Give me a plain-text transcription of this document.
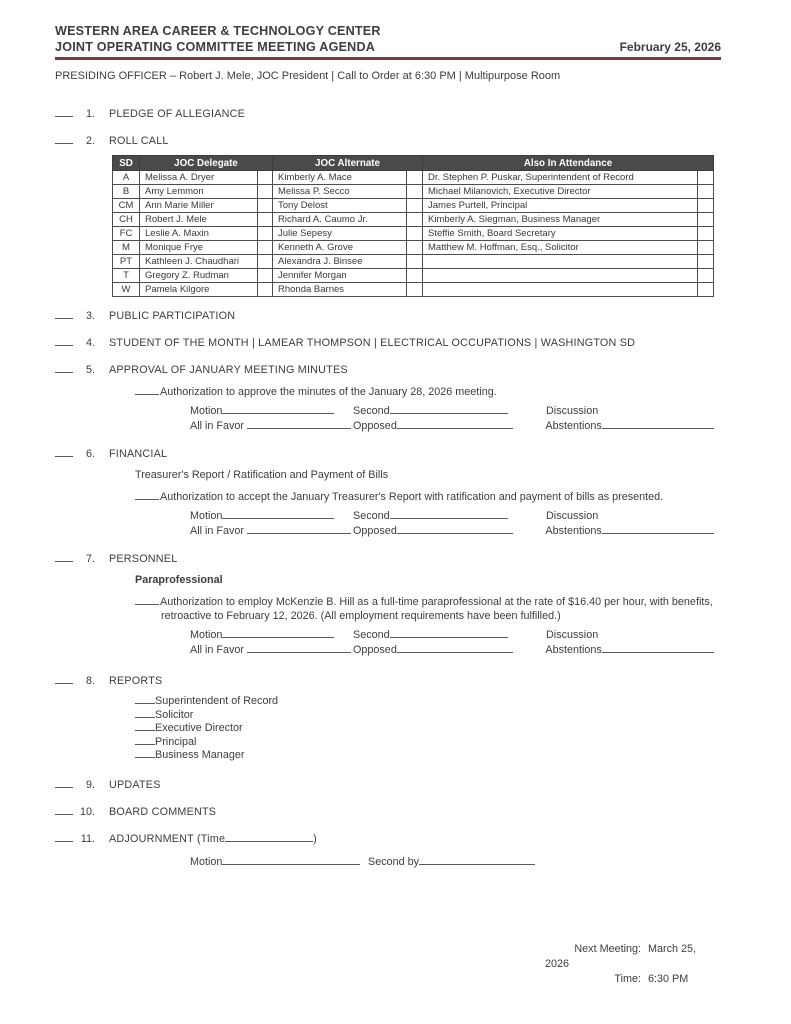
WESTERN AREA CAREER & TECHNOLOGY CENTER
JOINT OPERATING COMMITTEE MEETING AGENDA	February 25, 2026
PRESIDING OFFICER – Robert J. Mele, JOC President | Call to Order at 6:30 PM | Multipurpose Room
1. PLEDGE OF ALLEGIANCE
2. ROLL CALL
SD	JOC Delegate		JOC Alternate		Also In Attendance	
A	Melissa A. Dryer		Kimberly A. Mace		Dr. Stephen P. Puskar, Superintendent of Record	
B	Amy Lemmon		Melissa P. Secco		Michael Milanovich, Executive Director	
CM	Ann Marie Miller		Tony Delost		James Purtell, Principal	
CH	Robert J. Mele		Richard A. Caumo Jr.		Kimberly A. Siegman, Business Manager	
FC	Leslie A. Maxin		Julie Sepesy		Steffie Smith, Board Secretary	
M	Monique Frye		Kenneth A. Grove		Matthew M. Hoffman, Esq., Solicitor	
PT	Kathleen J. Chaudhari		Alexandra J. Binsee			
T	Gregory Z. Rudman		Jennifer Morgan			
W	Pamela Kilgore		Rhonda Barnes			
3. PUBLIC PARTICIPATION
4. STUDENT OF THE MONTH | LAMEAR THOMPSON | ELECTRICAL OCCUPATIONS | WASHINGTON SD
5. APPROVAL OF JANUARY MEETING MINUTES
Authorization to approve the minutes of the January 28, 2026 meeting.
Motion	Second	Discussion
All in Favor	Opposed	Abstentions
6. FINANCIAL
Treasurer's Report / Ratification and Payment of Bills
Authorization to accept the January Treasurer's Report with ratification and payment of bills as presented.
Motion	Second	Discussion
All in Favor	Opposed	Abstentions
7. PERSONNEL
Paraprofessional
Authorization to employ McKenzie B. Hill as a full-time paraprofessional at the rate of $16.40 per hour, with benefits, retroactive to February 12, 2026. (All employment requirements have been fulfilled.)
Motion	Second	Discussion
All in Favor	Opposed	Abstentions
8. REPORTS
Superintendent of Record
Solicitor
Executive Director
Principal
Business Manager
9. UPDATES
10. BOARD COMMENTS
11. ADJOURNMENT (Time	)
Motion	Second by
Next Meeting: March 25, 2026
Time: 6:30 PM
